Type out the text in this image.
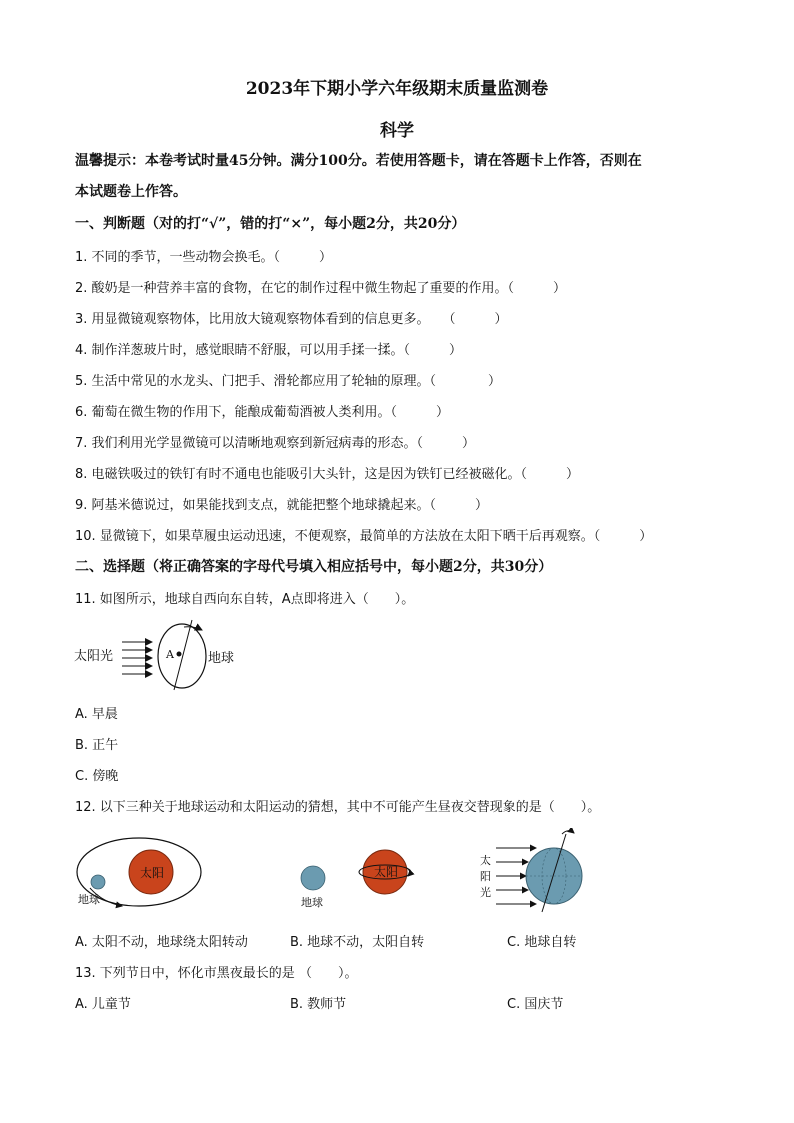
2023年下期小学六年级期末质量监测卷
科学
温馨提示：本卷考试时量45分钟。满分100分。若使用答题卡，请在答题卡上作答，否则在
本试题卷上作答。
一、判断题（对的打“√”，错的打“×”，每小题2分，共20分）
1. 不同的季节，一些动物会换毛。（　　　）
2. 酸奶是一种营养丰富的食物，在它的制作过程中微生物起了重要的作用。（　　　）
3. 用显微镜观察物体，比用放大镜观察物体看到的信息更多。　　（　　　）
4. 制作洋葱玻片时，感觉眼睛不舒服，可以用手揉一揉。（　　　）
5. 生活中常见的水龙头、门把手、滑轮都应用了轮轴的原理。（　　　　）
6. 葡萄在微生物的作用下，能酿成葡萄酒被人类利用。（　　　）
7. 我们利用光学显微镜可以清晰地观察到新冠病毒的形态。（　　　）
8. 电磁铁吸过的铁钉有时不通电也能吸引大头针，这是因为铁钉已经被磁化。（　　　）
9. 阿基米德说过，如果能找到支点，就能把整个地球撬起来。（　　　）
10. 显微镜下，如果草履虫运动迅速，不便观察，最简单的方法放在太阳下晒干后再观察。（　　　）
二、选择题（将正确答案的字母代号填入相应括号中，每小题2分，共30分）
11. 如图所示，地球自西向东自转，A点即将进入（　　）。
太阳光	A	地球
A. 早晨
B. 正午
C. 傍晚
12. 以下三种关于地球运动和太阳运动的猜想，其中不可能产生昼夜交替现象的是（　　）。
太阳
地球	地球
太阳
太
阳
光
A. 太阳不动，地球绕太阳转动	B. 地球不动，太阳自转	C. 地球自转
13. 下列节日中，怀化市黑夜最长的是 （　　）。
A. 儿童节	B. 教师节	C. 国庆节
